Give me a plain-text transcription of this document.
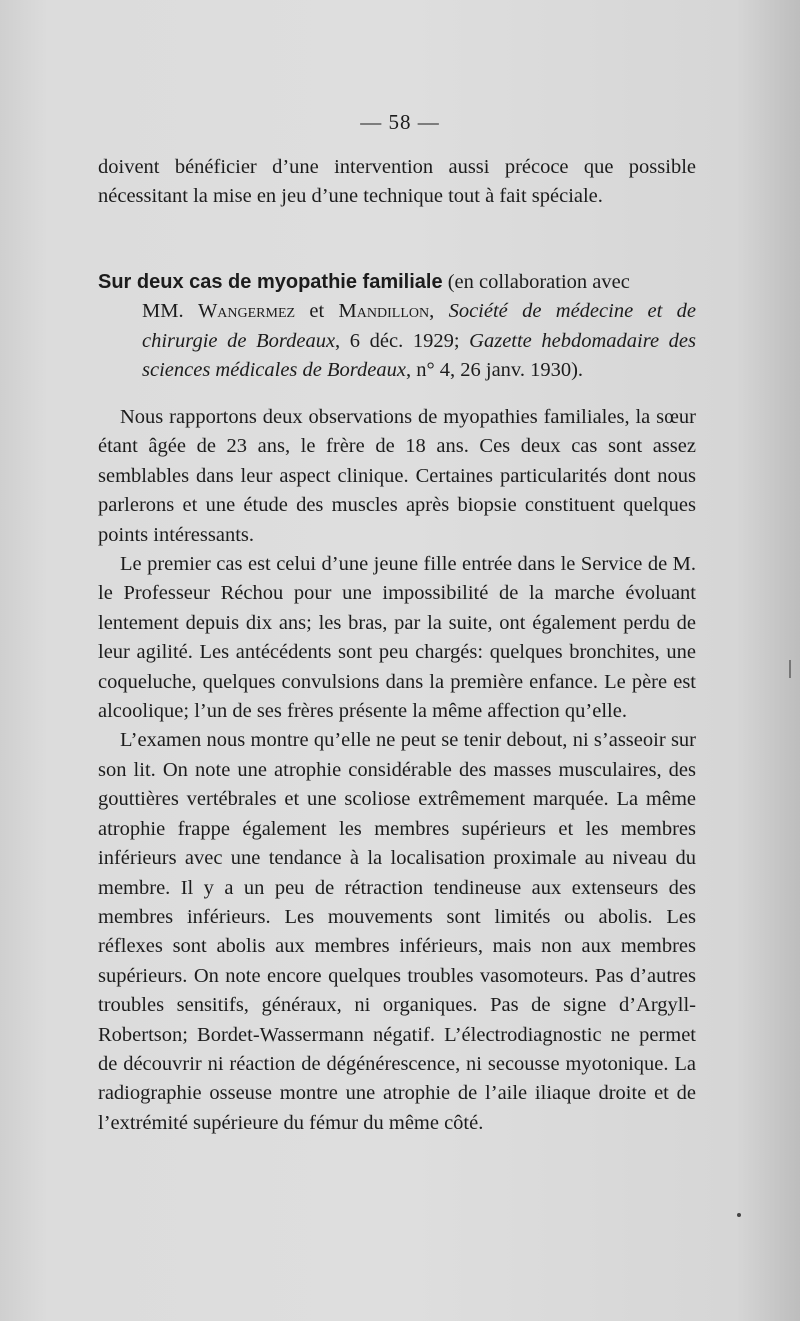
— 58 —

doivent bénéficier d’une intervention aussi précoce que possible nécessitant la mise en jeu d’une technique tout à fait spéciale.

Sur deux cas de myopathie familiale (en collaboration avec
MM. Wangermez et Mandillon, Société de médecine et de chirurgie de Bordeaux, 6 déc. 1929; Gazette hebdomadaire des sciences médicales de Bordeaux, n° 4, 26 janv. 1930).

Nous rapportons deux observations de myopathies familiales, la sœur étant âgée de 23 ans, le frère de 18 ans. Ces deux cas sont assez semblables dans leur aspect clinique. Certaines particularités dont nous parlerons et une étude des muscles après biopsie constituent quelques points intéressants.

Le premier cas est celui d’une jeune fille entrée dans le Service de M. le Professeur Réchou pour une impossibilité de la marche évoluant lentement depuis dix ans; les bras, par la suite, ont également perdu de leur agilité. Les antécédents sont peu chargés: quelques bronchites, une coqueluche, quelques convulsions dans la première enfance. Le père est alcoolique; l’un de ses frères présente la même affection qu’elle.

L’examen nous montre qu’elle ne peut se tenir debout, ni s’asseoir sur son lit. On note une atrophie considérable des masses musculaires, des gouttières vertébrales et une scoliose extrêmement marquée. La même atrophie frappe également les membres supérieurs et les membres inférieurs avec une tendance à la localisation proximale au niveau du membre. Il y a un peu de rétraction tendineuse aux extenseurs des membres inférieurs. Les mouvements sont limités ou abolis. Les réflexes sont abolis aux membres inférieurs, mais non aux membres supérieurs. On note encore quelques troubles vasomoteurs. Pas d’autres troubles sensitifs, généraux, ni organiques. Pas de signe d’Argyll-Robertson; Bordet-Wassermann négatif. L’électrodiagnostic ne permet de découvrir ni réaction de dégénérescence, ni secousse myotonique. La radiographie osseuse montre une atrophie de l’aile iliaque droite et de l’extrémité supérieure du fémur du même côté.
